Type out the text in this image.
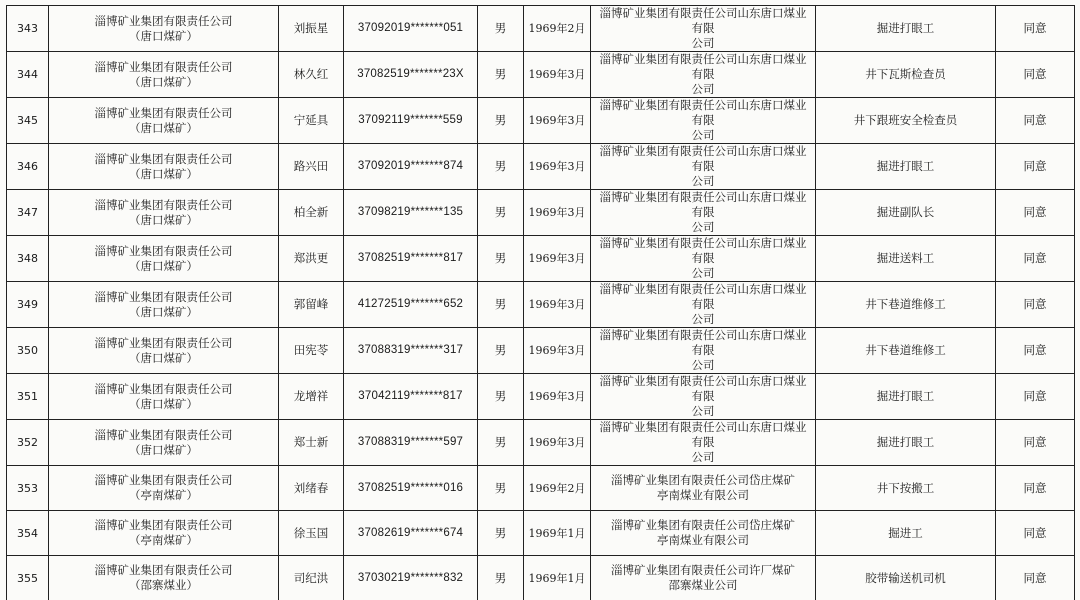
343	淄博矿业集团有限责任公司
（唐口煤矿）	刘振星	37092019*******051	男	1969年2月	淄博矿业集团有限责任公司山东唐口煤业有限
公司	掘进打眼工	同意
344	淄博矿业集团有限责任公司
（唐口煤矿）	林久红	37082519*******23X	男	1969年3月	淄博矿业集团有限责任公司山东唐口煤业有限
公司	井下瓦斯检查员	同意
345	淄博矿业集团有限责任公司
（唐口煤矿）	宁延具	37092119*******559	男	1969年3月	淄博矿业集团有限责任公司山东唐口煤业有限
公司	井下跟班安全检查员	同意
346	淄博矿业集团有限责任公司
（唐口煤矿）	路兴田	37092019*******874	男	1969年3月	淄博矿业集团有限责任公司山东唐口煤业有限
公司	掘进打眼工	同意
347	淄博矿业集团有限责任公司
（唐口煤矿）	柏全新	37098219*******135	男	1969年3月	淄博矿业集团有限责任公司山东唐口煤业有限
公司	掘进副队长	同意
348	淄博矿业集团有限责任公司
（唐口煤矿）	郑洪更	37082519*******817	男	1969年3月	淄博矿业集团有限责任公司山东唐口煤业有限
公司	掘进送料工	同意
349	淄博矿业集团有限责任公司
（唐口煤矿）	郭留峰	41272519*******652	男	1969年3月	淄博矿业集团有限责任公司山东唐口煤业有限
公司	井下巷道维修工	同意
350	淄博矿业集团有限责任公司
（唐口煤矿）	田宪苓	37088319*******317	男	1969年3月	淄博矿业集团有限责任公司山东唐口煤业有限
公司	井下巷道维修工	同意
351	淄博矿业集团有限责任公司
（唐口煤矿）	龙增祥	37042119*******817	男	1969年3月	淄博矿业集团有限责任公司山东唐口煤业有限
公司	掘进打眼工	同意
352	淄博矿业集团有限责任公司
（唐口煤矿）	郑士新	37088319*******597	男	1969年3月	淄博矿业集团有限责任公司山东唐口煤业有限
公司	掘进打眼工	同意
353	淄博矿业集团有限责任公司
（亭南煤矿）	刘绪春	37082519*******016	男	1969年2月	淄博矿业集团有限责任公司岱庄煤矿
亭南煤业有限公司	井下按搬工	同意
354	淄博矿业集团有限责任公司
（亭南煤矿）	徐玉国	37082619*******674	男	1969年1月	淄博矿业集团有限责任公司岱庄煤矿
亭南煤业有限公司	掘进工	同意
355	淄博矿业集团有限责任公司
（邵寨煤业）	司纪洪	37030219*******832	男	1969年1月	淄博矿业集团有限责任公司许厂煤矿
邵寨煤业公司	胶带输送机司机	同意
